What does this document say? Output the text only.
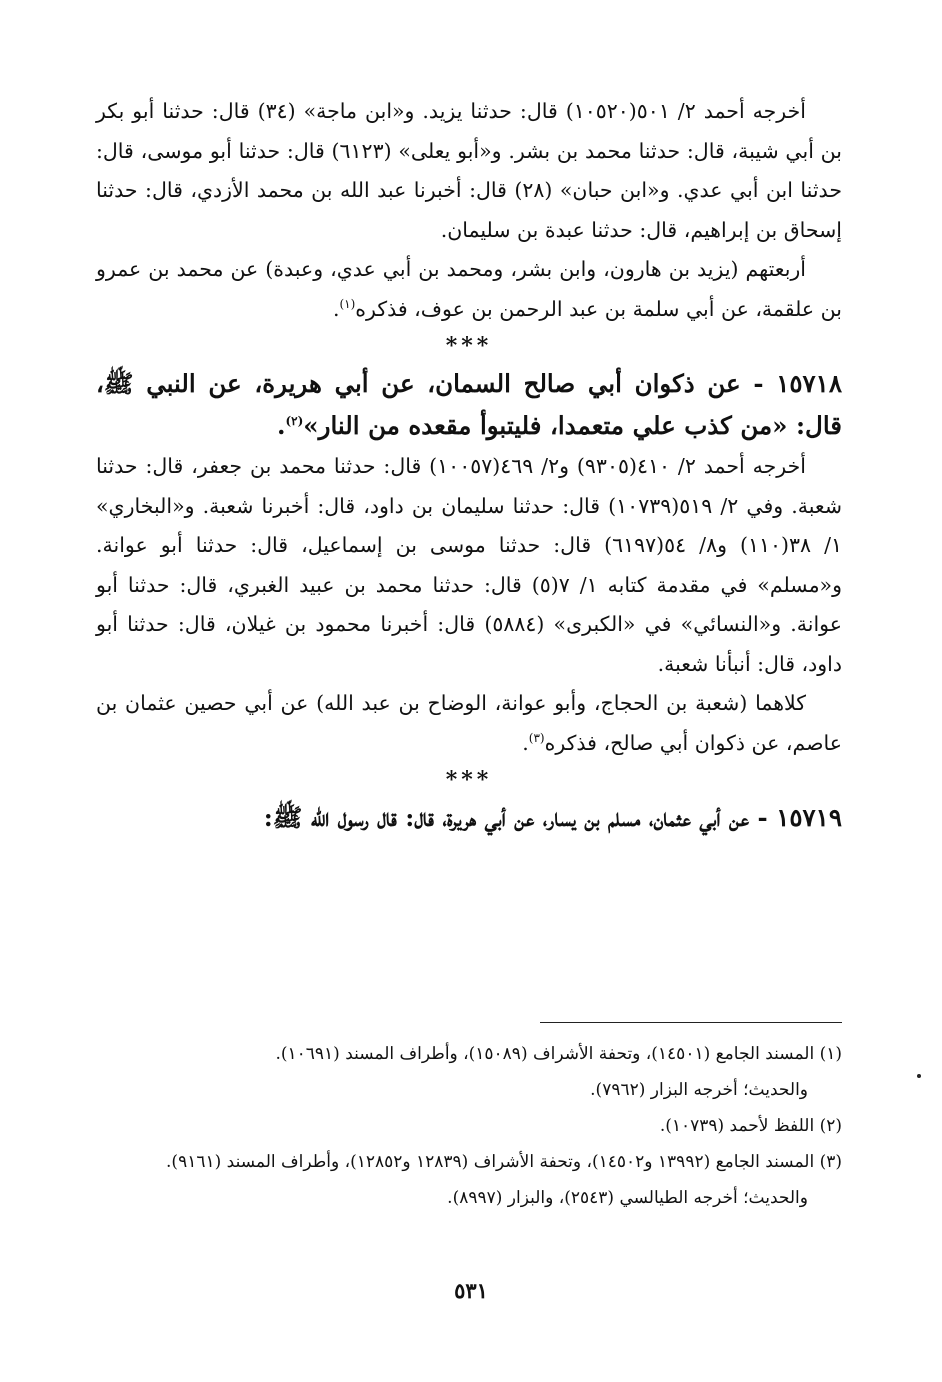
أخرجه أحمد ٢/ ٥٠١(١٠٥٢٠) قال: حدثنا يزيد. و«ابن ماجة» (٣٤) قال: حدثنا أبو بكر بن أبي شيبة، قال: حدثنا محمد بن بشر. و«أبو يعلى» (٦١٢٣) قال: حدثنا أبو موسى، قال: حدثنا ابن أبي عدي. و«ابن حبان» (٢٨) قال: أخبرنا عبد الله بن محمد الأزدي، قال: حدثنا إسحاق بن إبراهيم، قال: حدثنا عبدة بن سليمان.

أربعتهم (يزيد بن هارون، وابن بشر، ومحمد بن أبي عدي، وعبدة) عن محمد بن عمرو بن علقمة، عن أبي سلمة بن عبد الرحمن بن عوف، فذكره$^{(١)}$.

***

١٥٧١٨ - عن ذكوان أبي صالح السمان، عن أبي هريرة، عن النبي ﷺ، قال: «من كذب علي متعمدا، فليتبوأ مقعده من النار»$^{(٢)}$.

أخرجه أحمد ٢/ ٤١٠(٩٣٠٥) و٢/ ٤٦٩(١٠٠٥٧) قال: حدثنا محمد بن جعفر، قال: حدثنا شعبة. وفي ٢/ ٥١٩(١٠٧٣٩) قال: حدثنا سليمان بن داود، قال: أخبرنا شعبة. و«البخاري» ١/ ٣٨(١١٠) و٨/ ٥٤(٦١٩٧) قال: حدثنا موسى بن إسماعيل، قال: حدثنا أبو عوانة. و«مسلم» في مقدمة كتابه ١/ ٧(٥) قال: حدثنا محمد بن عبيد الغبري، قال: حدثنا أبو عوانة. و«النسائي» في «الكبرى» (٥٨٨٤) قال: أخبرنا محمود بن غيلان، قال: حدثنا أبو داود، قال: أنبأنا شعبة.

كلاهما (شعبة بن الحجاج، وأبو عوانة، الوضاح بن عبد الله) عن أبي حصين عثمان بن عاصم، عن ذكوان أبي صالح، فذكره$^{(٣)}$.

***

١٥٧١٩ - عن أبي عثمان، مسلم بن يسار، عن أبي هريرة، قال: قال رسول الله ﷺ:

(١) المسند الجامع (١٤٥٠١)، وتحفة الأشراف (١٥٠٨٩)، وأطراف المسند (١٠٦٩١).

والحديث؛ أخرجه البزار (٧٩٦٢).

(٢) اللفظ لأحمد (١٠٧٣٩).

(٣) المسند الجامع (١٣٩٩٢ و١٤٥٠٢)، وتحفة الأشراف (١٢٨٣٩ و١٢٨٥٢)، وأطراف المسند (٩١٦١).

والحديث؛ أخرجه الطيالسي (٢٥٤٣)، والبزار (٨٩٩٧).

٥٣١
